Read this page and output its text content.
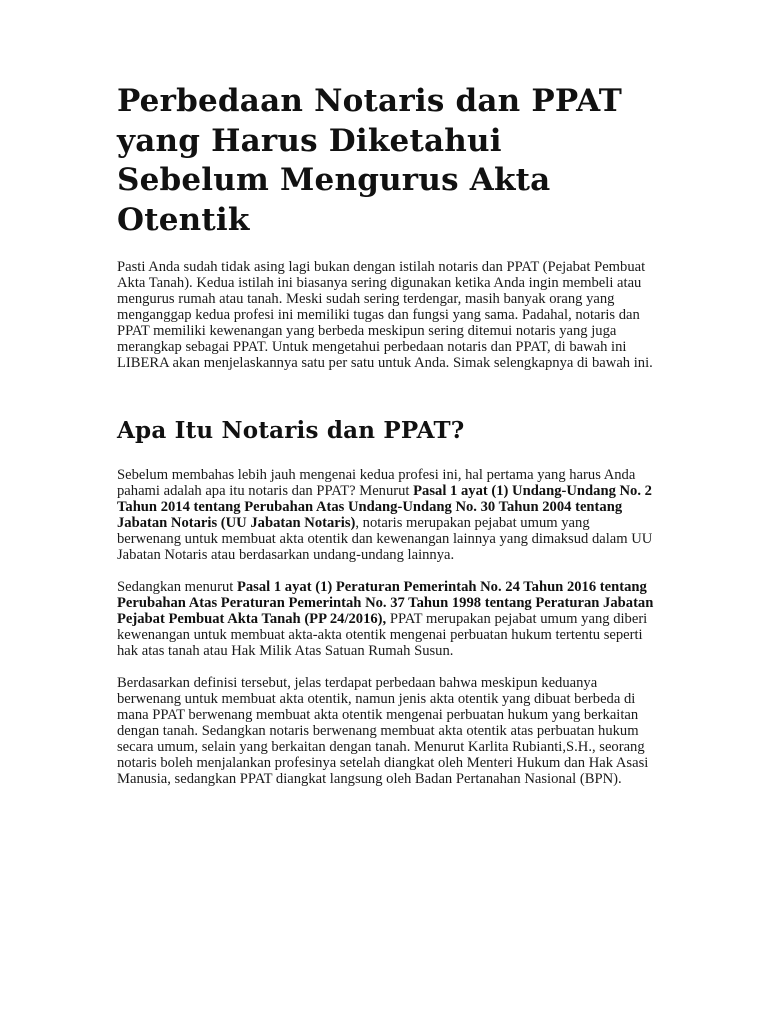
Perbedaan Notaris dan PPAT yang Harus Diketahui Sebelum Mengurus Akta Otentik

Pasti Anda sudah tidak asing lagi bukan dengan istilah notaris dan PPAT (Pejabat Pembuat Akta Tanah). Kedua istilah ini biasanya sering digunakan ketika Anda ingin membeli atau mengurus rumah atau tanah. Meski sudah sering terdengar, masih banyak orang yang menganggap kedua profesi ini memiliki tugas dan fungsi yang sama. Padahal, notaris dan PPAT memiliki kewenangan yang berbeda meskipun sering ditemui notaris yang juga merangkap sebagai PPAT. Untuk mengetahui perbedaan notaris dan PPAT, di bawah ini LIBERA akan menjelaskannya satu per satu untuk Anda. Simak selengkapnya di bawah ini.

Apa Itu Notaris dan PPAT?

Sebelum membahas lebih jauh mengenai kedua profesi ini, hal pertama yang harus Anda pahami adalah apa itu notaris dan PPAT? Menurut Pasal 1 ayat (1) Undang-Undang No. 2 Tahun 2014 tentang Perubahan Atas Undang-Undang No. 30 Tahun 2004 tentang Jabatan Notaris (UU Jabatan Notaris), notaris merupakan pejabat umum yang berwenang untuk membuat akta otentik dan kewenangan lainnya yang dimaksud dalam UU Jabatan Notaris atau berdasarkan undang-undang lainnya.

Sedangkan menurut Pasal 1 ayat (1) Peraturan Pemerintah No. 24 Tahun 2016 tentang Perubahan Atas Peraturan Pemerintah No. 37 Tahun 1998 tentang Peraturan Jabatan Pejabat Pembuat Akta Tanah (PP 24/2016), PPAT merupakan pejabat umum yang diberi kewenangan untuk membuat akta-akta otentik mengenai perbuatan hukum tertentu seperti hak atas tanah atau Hak Milik Atas Satuan Rumah Susun.

Berdasarkan definisi tersebut, jelas terdapat perbedaan bahwa meskipun keduanya berwenang untuk membuat akta otentik, namun jenis akta otentik yang dibuat berbeda di mana PPAT berwenang membuat akta otentik mengenai perbuatan hukum yang berkaitan dengan tanah. Sedangkan notaris berwenang membuat akta otentik atas perbuatan hukum secara umum, selain yang berkaitan dengan tanah. Menurut Karlita Rubianti,S.H., seorang notaris boleh menjalankan profesinya setelah diangkat oleh Menteri Hukum dan Hak Asasi Manusia, sedangkan PPAT diangkat langsung oleh Badan Pertanahan Nasional (BPN).
